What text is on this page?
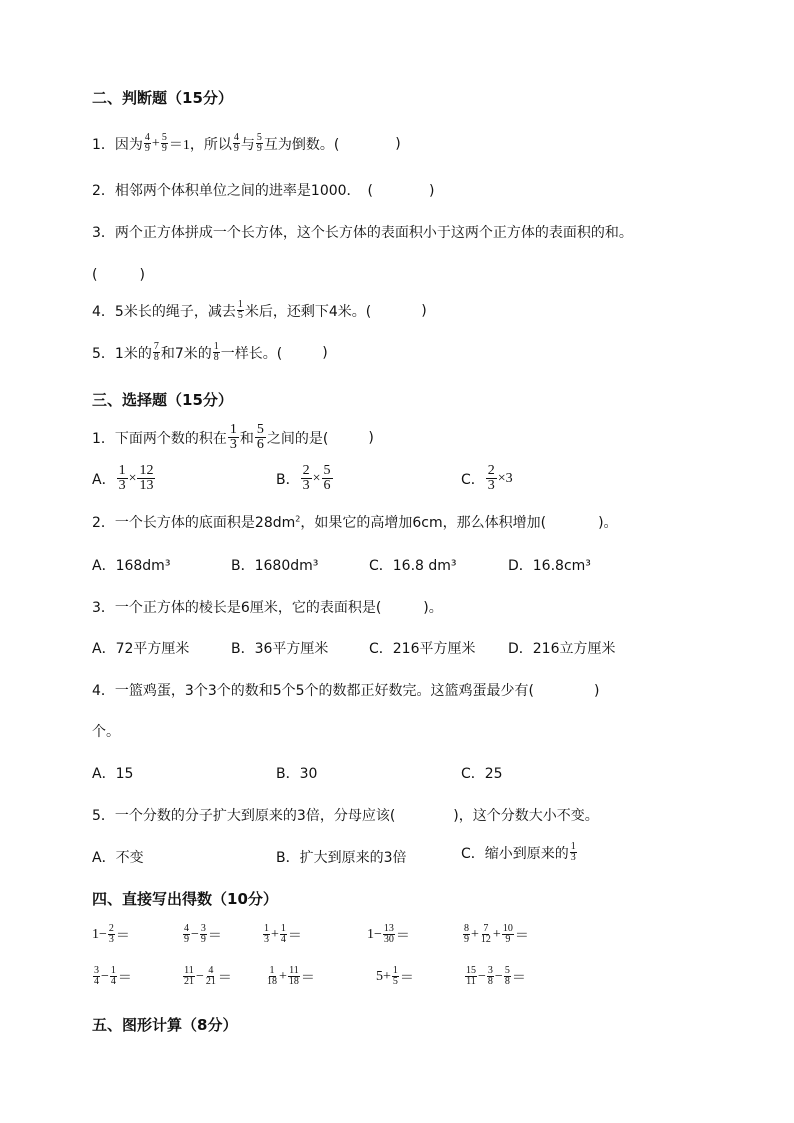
二、判断题（15分）
1． 因为 $\frac{4}{9} + \frac{5}{9} =1$ ，所以 $\frac{4}{9}$ 与 $\frac{5}{9}$ 互为倒数。(	)
2．相邻两个体积单位之间的进率是1000．　(　　　　)
3．两个正方体拼成一个长方体，这个长方体的表面积小于这两个正方体的表面积的和。
(　　　)
4．5米长的绳子，减去 $\frac{1}{5}$ 米后，还剩下4米。(	)
5．1米的 $\frac{7}{8}$ 和7米的 $\frac{1}{8}$ 一样长。(	)
三、选择题（15分）
1．下面两个数的积在 $\frac{1}{3}$ 和 $\frac{5}{6}$ 之间的是(	)
A． $\frac{1}{3} \times \frac{12}{13}$	B． $\frac{2}{3} \times \frac{5}{6}$	C． $\frac{2}{3} \times 3$
2．一个长方体的底面积是$28dm^2$，如果它的高增加6cm，那么体积增加(	)。
A．168dm³	B．1680dm³	C．16.8 dm³	D．16.8cm³
3．一个正方体的棱长是6厘米，它的表面积是(	)。
A．72平方厘米	B．36平方厘米	C．216平方厘米 D．216立方厘米
4．一篮鸡蛋，3个3个的数和5个5个的数都正好数完。这篮鸡蛋最少有(	)
个。
A．15	B．30	C．25
5．一个分数的分子扩大到原来的3倍，分母应该(	)，这个分数大小不变。
A．不变	B．扩大到原来的3倍	C．缩小到原来的 $\frac{1}{3}$
四、直接写出得数（10分）
$1- \frac{2}{3}$ ＝	$\frac{4}{9} - \frac{3}{9}$ ＝	$\frac{1}{3} + \frac{1}{4}$ ＝	$1- \frac{13}{30}$ ＝	$\frac{8}{9} + \frac{7}{12} + \frac{10}{9}$ ＝
$\frac{3}{4} - \frac{1}{4}$ ＝	$\frac{11}{21} - \frac{4}{21}$ ＝	$\frac{1}{18} + \frac{11}{18}$ ＝	$5+ \frac{1}{5}$ ＝	$\frac{15}{11} - \frac{3}{8} - \frac{5}{8}$ ＝
五、图形计算（8分）
